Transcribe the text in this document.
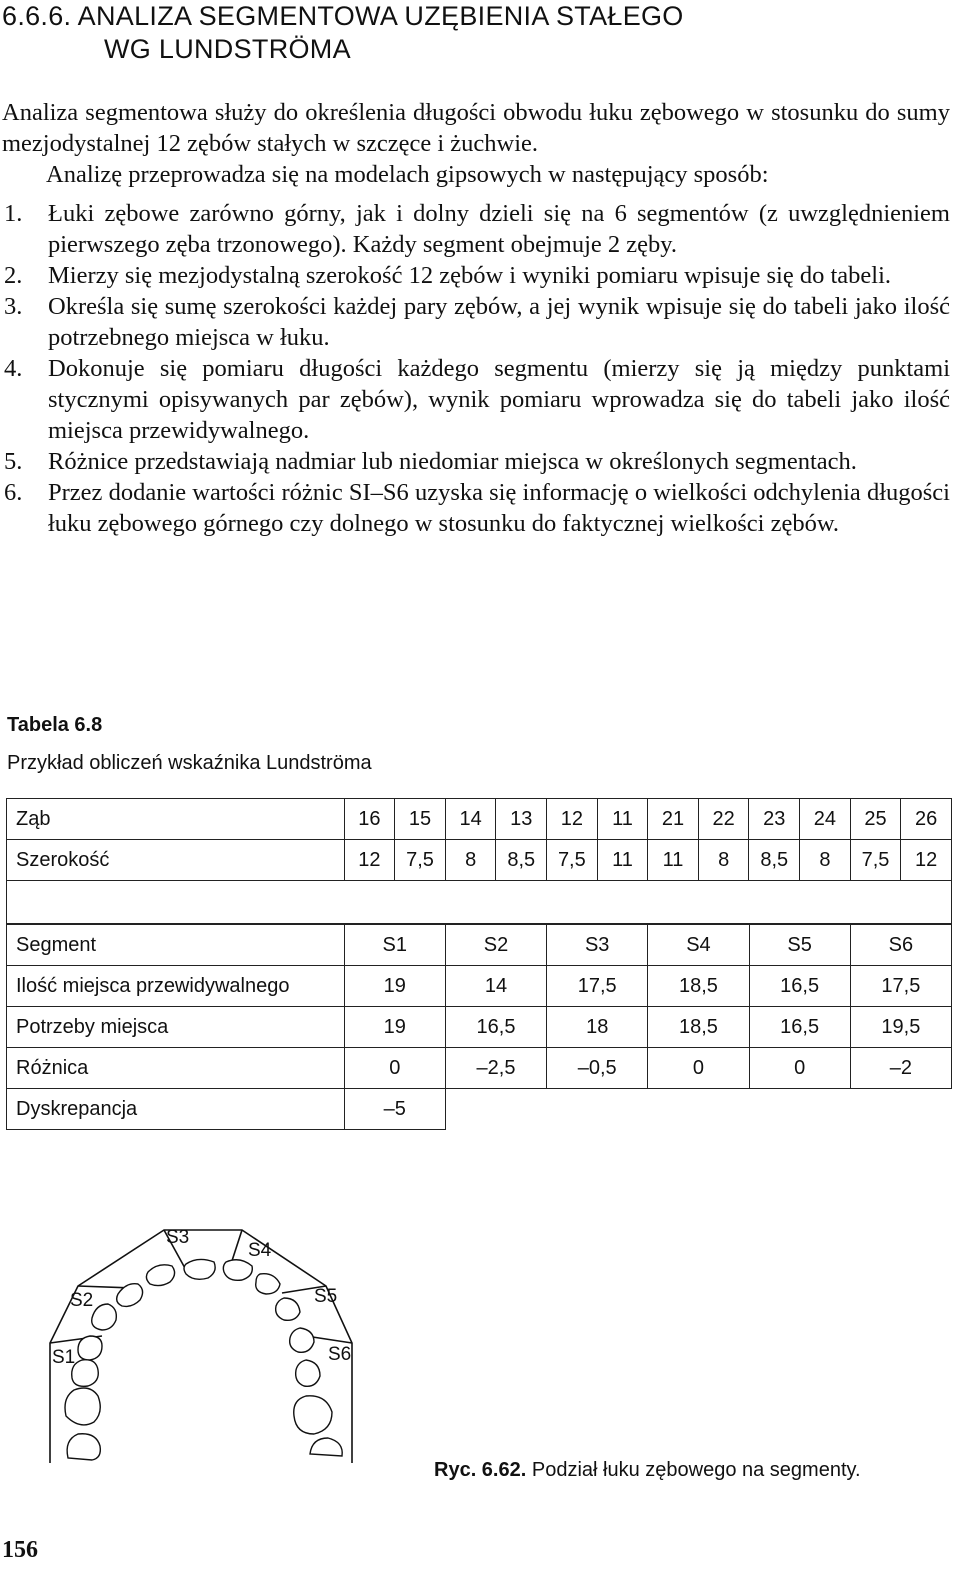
6.6.6. ANALIZA SEGMENTOWA UZĘBIENIA STAŁEGO
WG LUNDSTRÖMA

Analiza segmentowa służy do określenia długości obwodu łuku zębowego w stosunku do sumy mezjodystalnej 12 zębów stałych w szczęce i żuchwie.

Analizę przeprowadza się na modelach gipsowych w następujący sposób:

1. Łuki zębowe zarówno górny, jak i dolny dzieli się na 6 segmentów (z uwzględnieniem pierwszego zęba trzonowego). Każdy segment obejmuje 2 zęby.
2. Mierzy się mezjodystalną szerokość 12 zębów i wyniki pomiaru wpisuje się do tabeli.
3. Określa się sumę szerokości każdej pary zębów, a jej wynik wpisuje się do tabeli jako ilość potrzebnego miejsca w łuku.
4. Dokonuje się pomiaru długości każdego segmentu (mierzy się ją między punktami stycznymi opisywanych par zębów), wynik pomiaru wprowadza się do tabeli jako ilość miejsca przewidywalnego.
5. Różnice przedstawiają nadmiar lub niedomiar miejsca w określonych segmentach.
6. Przez dodanie wartości różnic SI–S6 uzyska się informację o wielkości odchylenia długości łuku zębowego górnego czy dolnego w stosunku do faktycznej wielkości zębów.
Tabela 6.8
Przykład obliczeń wskaźnika Lundströma
Ząb	16	15	14	13	12	11	21	22	23	24	25	26
Szerokość	12	7,5	8	8,5	7,5	11	11	8	8,5	8	7,5	12

Segment	S1	S2	S3	S4	S5	S6
Ilość miejsca przewidywalnego	19	14	17,5	18,5	16,5	17,5
Potrzeby miejsca	19	16,5	18	18,5	16,5	19,5
Różnica	0	–2,5	–0,5	0	0	–2
Dyskrepancja	–5					
S1
S2
S3
S4
S5
S6
Ryc. 6.62. Podział łuku zębowego na segmenty.
156
